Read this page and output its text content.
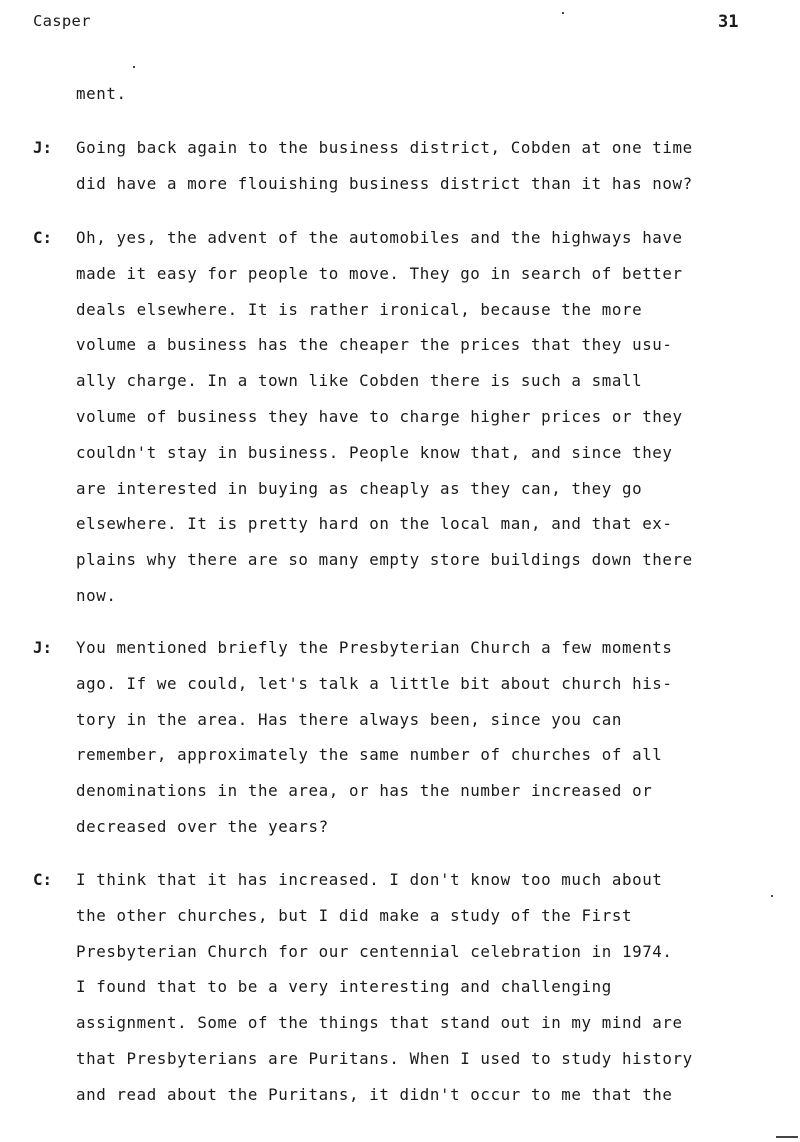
Casper	31
ment.
J: Going back again to the business district, Cobden at one time
did have a more flouishing business district than it has now?
C: Oh, yes, the advent of the automobiles and the highways have
made it easy for people to move. They go in search of better
deals elsewhere. It is rather ironical, because the more
volume a business has the cheaper the prices that they usu-
ally charge. In a town like Cobden there is such a small
volume of business they have to charge higher prices or they
couldn't stay in business. People know that, and since they
are interested in buying as cheaply as they can, they go
elsewhere. It is pretty hard on the local man, and that ex-
plains why there are so many empty store buildings down there
now.
J: You mentioned briefly the Presbyterian Church a few moments
ago. If we could, let's talk a little bit about church his-
tory in the area. Has there always been, since you can
remember, approximately the same number of churches of all
denominations in the area, or has the number increased or
decreased over the years?
C: I think that it has increased. I don't know too much about
the other churches, but I did make a study of the First
Presbyterian Church for our centennial celebration in 1974.
I found that to be a very interesting and challenging
assignment. Some of the things that stand out in my mind are
that Presbyterians are Puritans. When I used to study history
and read about the Puritans, it didn't occur to me that the
